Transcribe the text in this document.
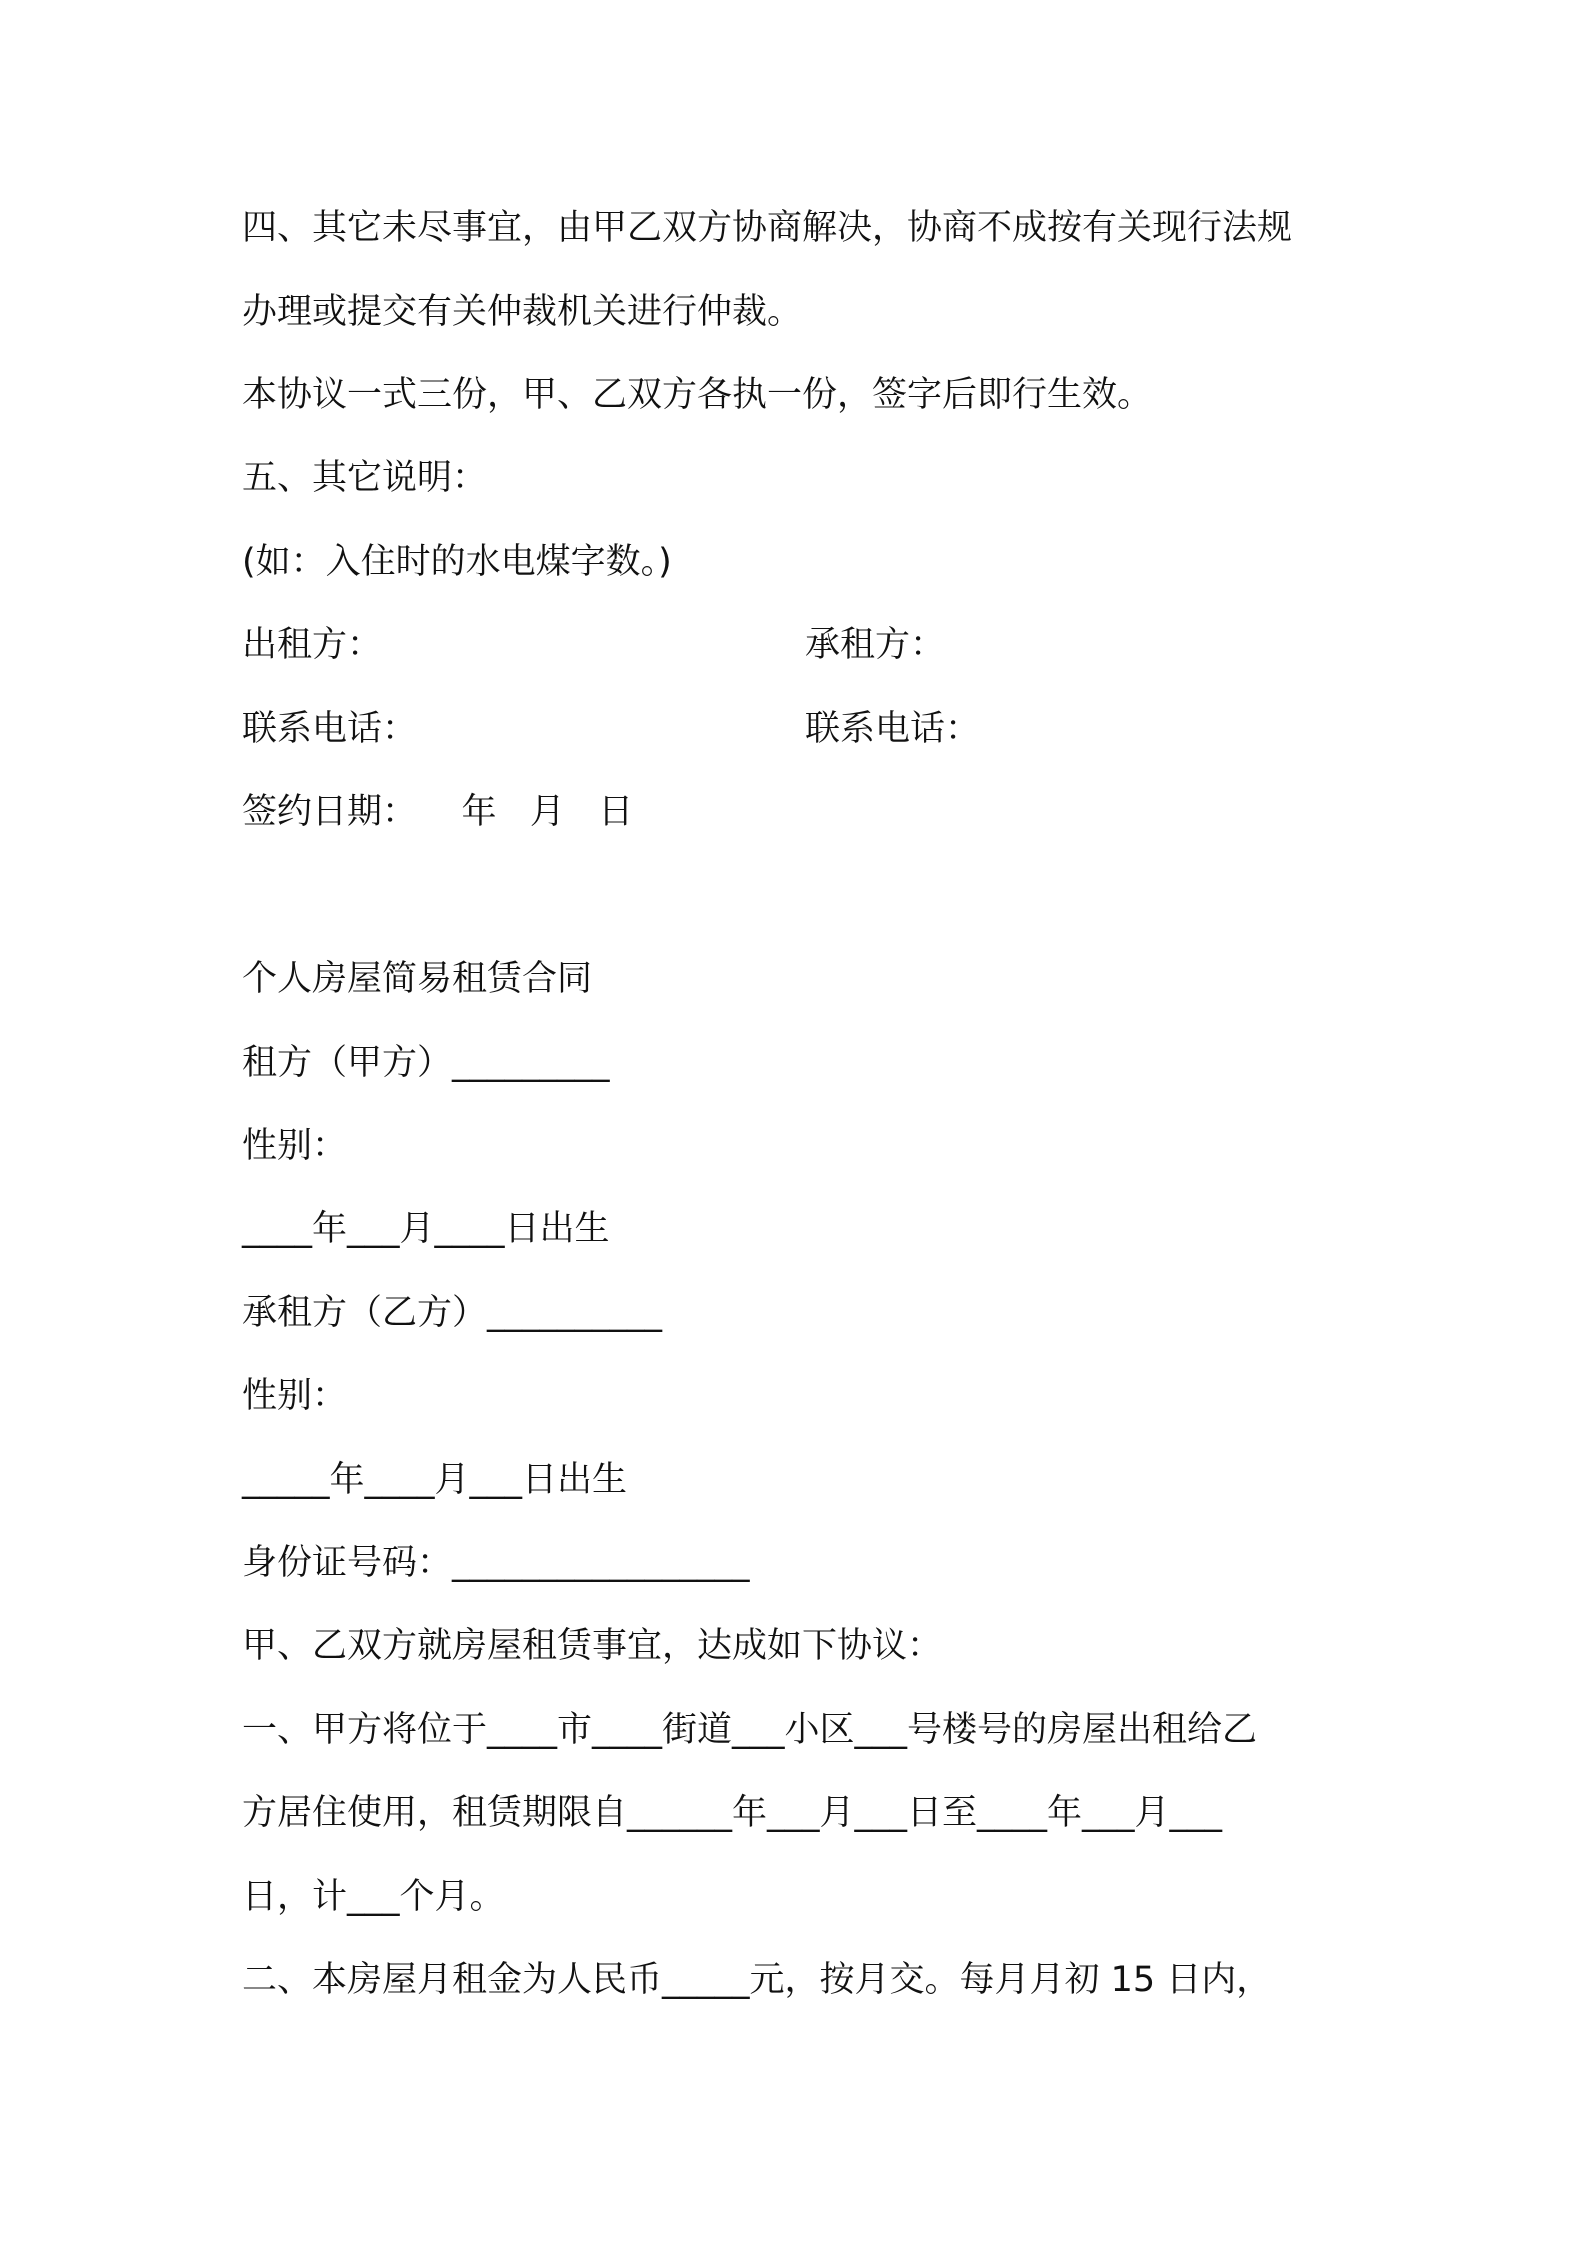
四、其它未尽事宜，由甲乙双方协商解决，协商不成按有关现行法规
办理或提交有关仲裁机关进行仲裁。
本协议一式三份，甲、乙双方各执一份，签字后即行生效。
五、其它说明：
(如：入住时的水电煤字数。)
出租方：	承租方：
联系电话：	联系电话：
签约日期：    年   月   日
个人房屋简易租赁合同
租方（甲方）_________
性别：
____年___月____日出生
承租方（乙方）__________
性别：
_____年____月___日出生
身份证号码：_________________
甲、乙双方就房屋租赁事宜，达成如下协议：
一、甲方将位于____市____街道___小区___号楼号的房屋出租给乙
方居住使用，租赁期限自______年___月___日至____年___月___
日，计___个月。
二、本房屋月租金为人民币_____元，按月交。每月月初 15 日内，
